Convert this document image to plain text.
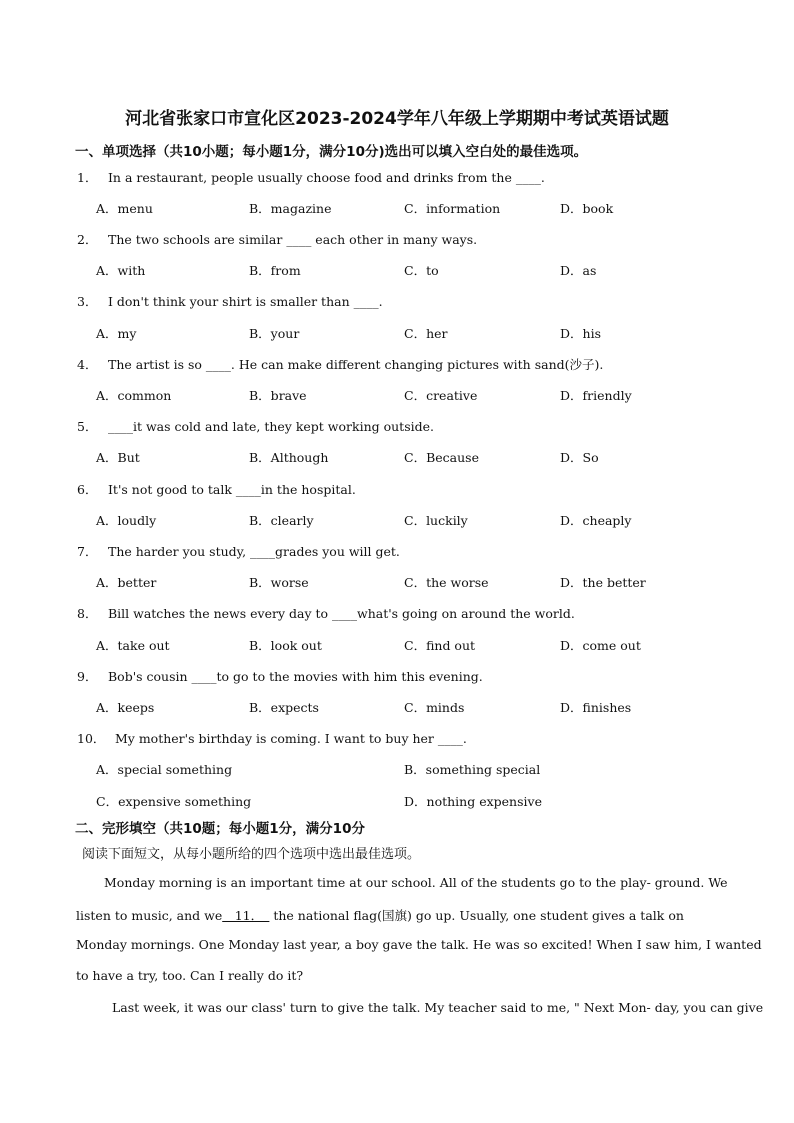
河北省张家口市宣化区2023-2024学年八年级上学期期中考试英语试题
一、单项选择（共10小题；每小题1分，满分10分)选出可以填入空白处的最佳选项。
1． In a restaurant, people usually choose food and drinks from the ____.
A．menu	B．magazine	C．information	D．book
2． The two schools are similar ____ each other in many ways.
A．with	B．from	C．to	D．as
3． I don't think your shirt is smaller than ____.
A．my	B．your	C．her	D．his
4． The artist is so ____. He can make different changing pictures with sand(沙子).
A．common	B．brave	C．creative	D．friendly
5． ____it was cold and late, they kept working outside.
A．But	B．Although	C．Because	D．So
6． It's not good to talk ____in the hospital.
A．loudly	B．clearly	C．luckily	D．cheaply
7． The harder you study, ____grades you will get.
A．better	B．worse	C．the worse	D．the better
8． Bill watches the news every day to ____what's going on around the world.
A．take out	B．look out	C．find out	D．come out
9． Bob's cousin ____to go to the movies with him this evening.
A．keeps	B．expects	C．minds	D．finishes
10． My mother's birthday is coming. I want to buy her ____.
A．special something	B．something special
C．expensive something	D．nothing expensive
二、完形填空（共10题；每小题1分，满分10分
阅读下面短文，从每小题所给的四个选项中选出最佳选项。
Monday morning is an important time at our school. All of the students go to the play- ground. We
listen to music, and we　11．　 the national flag(国旗) go up. Usually, one student gives a talk on
Monday mornings. One Monday last year, a boy gave the talk. He was so excited! When I saw him, I wanted
to have a try, too. Can I really do it?
Last week, it was our class' turn to give the talk. My teacher said to me, " Next Mon- day, you can give
